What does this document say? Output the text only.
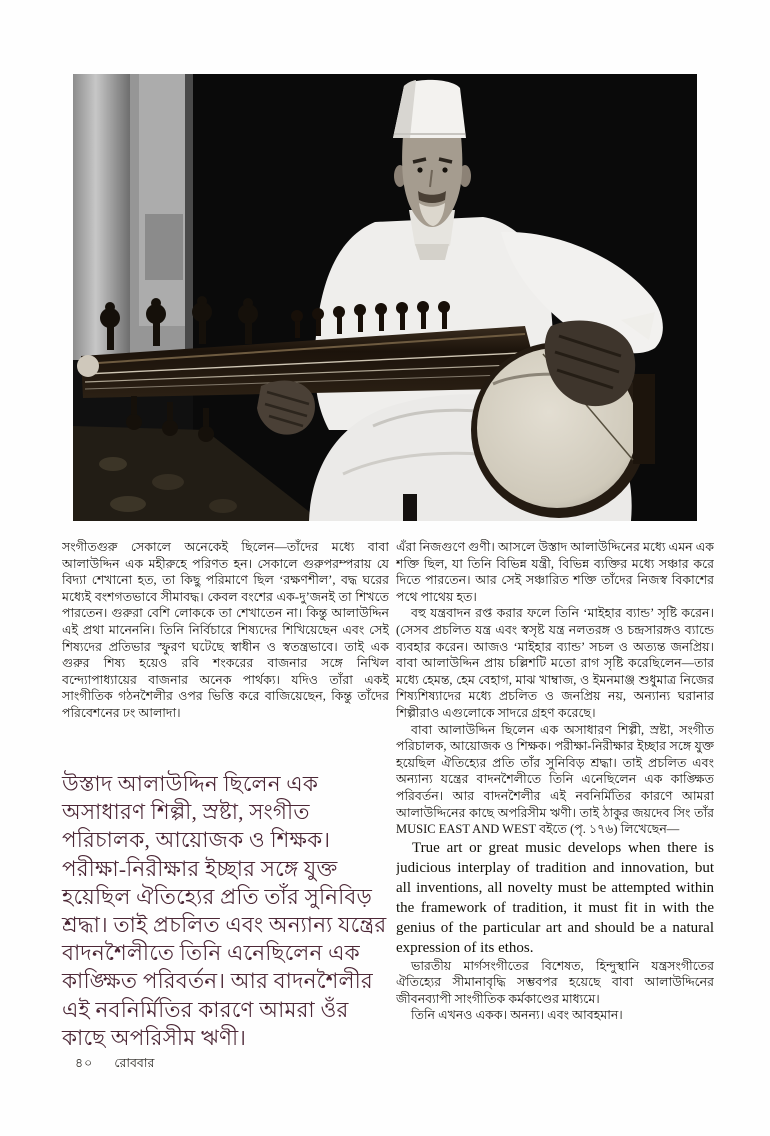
সংগীতগুরু সেকালে অনেকেই ছিলেন—তাঁদের মধ্যে বাবা আলাউদ্দিন এক মহীরুহে পরিণত হন। সেকালে গুরুপরম্পরায় যে বিদ্যা শেখানো হত, তা কিছু পরিমাণে ছিল ‘রক্ষণশীল’, বদ্ধ ঘরের মধ্যেই বংশগতভাবে সীমাবদ্ধ। কেবল বংশের এক-দু’জনই তা শিখতে পারতেন। গুরুরা বেশি লোককে তা শেখাতেন না। কিন্তু আলাউদ্দিন এই প্রথা মানেননি। তিনি নির্বিচারে শিষ্যদের শিখিয়েছেন এবং সেই শিষ্যদের প্রতিভার স্ফুরণ ঘটেছে স্বাধীন ও স্বতন্ত্রভাবে। তাই এক গুরুর শিষ্য হয়েও রবি শংকরের বাজনার সঙ্গে নিখিল বন্দ্যোপাধ্যায়ের বাজনার অনেক পার্থক্য। যদিও তাঁরা একই সাংগীতিক গঠনশৈলীর ওপর ভিত্তি করে বাজিয়েছেন, কিন্তু তাঁদের পরিবেশনের ঢং আলাদা।

উস্তাদ আলাউদ্দিন ছিলেন এক অসাধারণ শিল্পী, স্রষ্টা, সংগীত পরিচালক, আয়োজক ও শিক্ষক। পরীক্ষা-নিরীক্ষার ইচ্ছার সঙ্গে যুক্ত হয়েছিল ঐতিহ্যের প্রতি তাঁর সুনিবিড় শ্রদ্ধা। তাই প্রচলিত এবং অন্যান্য যন্ত্রের বাদনশৈলীতে তিনি এনেছিলেন এক কাঙ্ক্ষিত পরিবর্তন। আর বাদনশৈলীর এই নবনির্মিতির কারণে আমরা ওঁর কাছে অপরিসীম ঋণী।

এঁরা নিজগুণে গুণী। আসলে উস্তাদ আলাউদ্দিনের মধ্যে এমন এক শক্তি ছিল, যা তিনি বিভিন্ন যন্ত্রী, বিভিন্ন ব্যক্তির মধ্যে সঞ্চার করে দিতে পারতেন। আর সেই সঞ্চারিত শক্তি তাঁদের নিজস্ব বিকাশের পথে পাথেয় হত।

বহু যন্ত্রবাদন রপ্ত করার ফলে তিনি ‘মাইহার ব্যান্ড’ সৃষ্টি করেন। (সেসব প্রচলিত যন্ত্র এবং স্বসৃষ্ট যন্ত্র নলতরঙ্গ ও চন্দ্রসারঙ্গও ব্যান্ডে ব্যবহার করেন। আজও ‘মাইহার ব্যান্ড’ সচল ও অত্যন্ত জনপ্রিয়। বাবা আলাউদ্দিন প্রায় চল্লিশটি মতো রাগ সৃষ্টি করেছিলেন—তার মধ্যে হেমন্ত, হেম বেহাগ, মাঝ খাম্বাজ, ও ইমনমাঞ্জ শুধুমাত্র নিজের শিষ্যশিষ্যাদের মধ্যে প্রচলিত ও জনপ্রিয় নয়, অন্যান্য ঘরানার শিল্পীরাও এগুলোকে সাদরে গ্রহণ করেছে।

বাবা আলাউদ্দিন ছিলেন এক অসাধারণ শিল্পী, স্রষ্টা, সংগীত পরিচালক, আয়োজক ও শিক্ষক। পরীক্ষা-নিরীক্ষার ইচ্ছার সঙ্গে যুক্ত হয়েছিল ঐতিহ্যের প্রতি তাঁর সুনিবিড় শ্রদ্ধা। তাই প্রচলিত এবং অন্যান্য যন্ত্রের বাদনশৈলীতে তিনি এনেছিলেন এক কাঙ্ক্ষিত পরিবর্তন। আর বাদনশৈলীর এই নবনির্মিতির কারণে আমরা আলাউদ্দিনের কাছে অপরিসীম ঋণী। তাই ঠাকুর জয়দেব সিং তাঁর MUSIC EAST AND WEST বইতে (পৃ. ১৭৬) লিখেছেন—

True art or great music develops when there is judicious interplay of tradition and innovation, but all inventions, all novelty must be attempted within the framework of tradition, it must fit in with the genius of the particular art and should be a natural expression of its ethos.

ভারতীয় মার্গসংগীতের বিশেষত, হিন্দুস্থানি যন্ত্রসংগীতের ঐতিহ্যের সীমানাবৃদ্ধি সম্ভবপর হয়েছে বাবা আলাউদ্দিনের জীবনব্যাপী সাংগীতিক কর্মকাণ্ডের মাধ্যমে।

তিনি এখনও একক। অনন্য। এবং আবহমান।

৪০ রোববার
